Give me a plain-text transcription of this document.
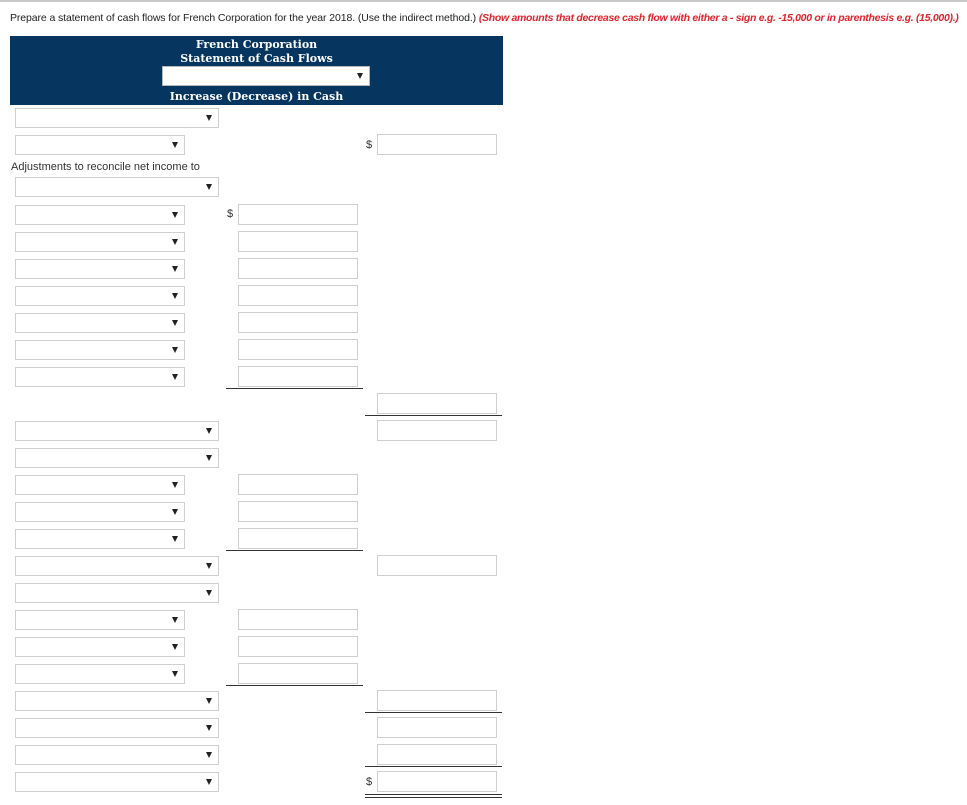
Prepare a statement of cash flows for French Corporation for the year 2018. (Use the indirect method.) (Show amounts that decrease cash flow with either a - sign e.g. -15,000 or in parenthesis e.g. (15,000).)
French Corporation
Statement of Cash Flows
Increase (Decrease) in Cash
$
Adjustments to reconcile net income to
$
$
